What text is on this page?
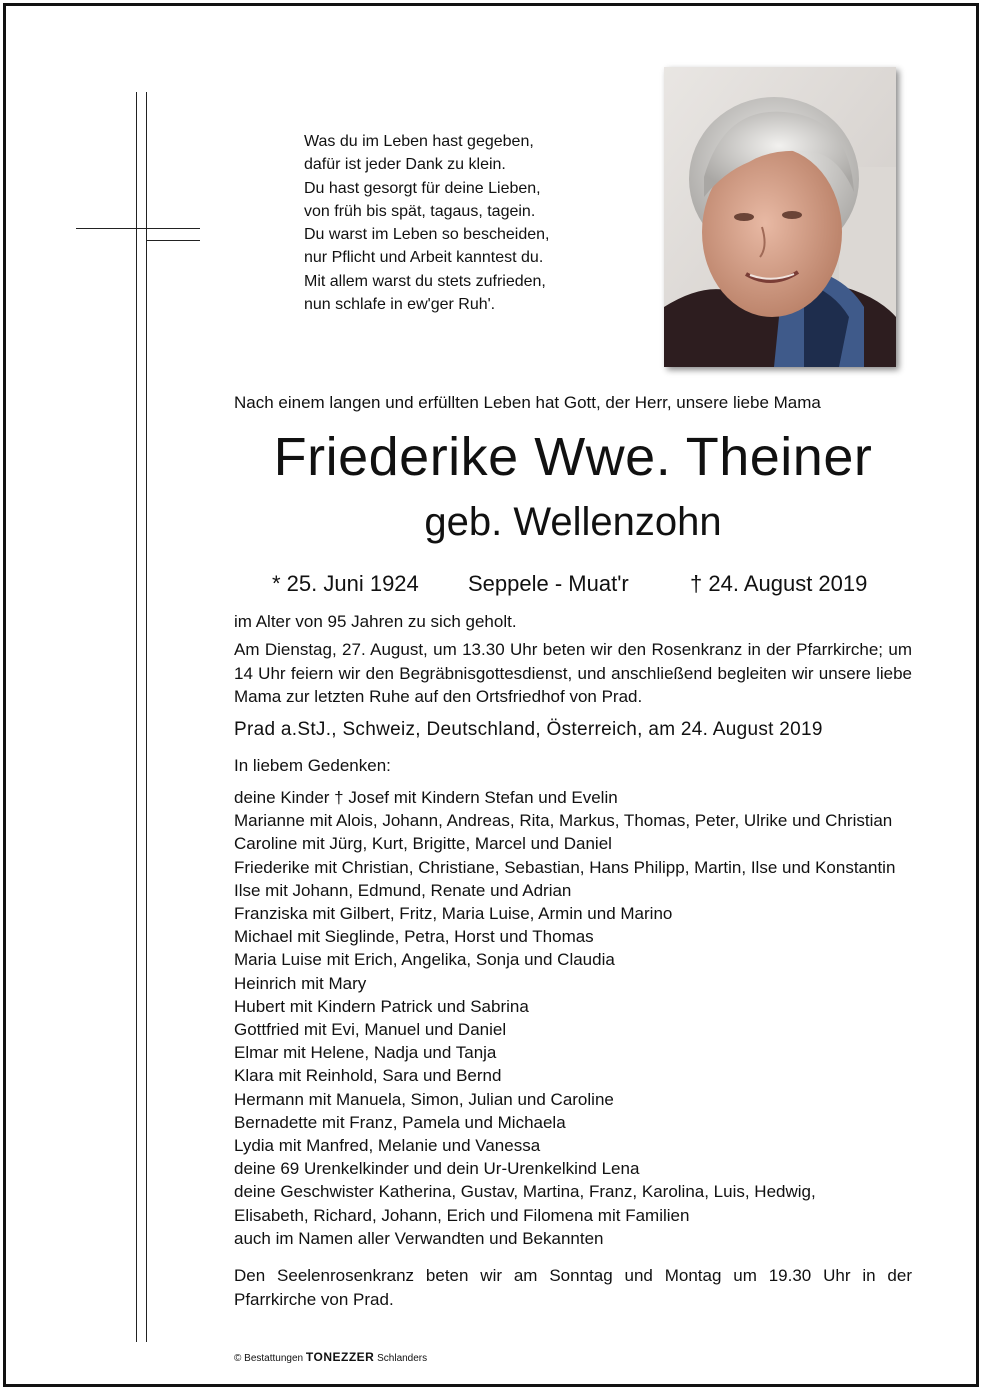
Was du im Leben hast gegeben,
dafür ist jeder Dank zu klein.
Du hast gesorgt für deine Lieben,
von früh bis spät, tagaus, tagein.
Du warst im Leben so bescheiden,
nur Pflicht und Arbeit kanntest du.
Mit allem warst du stets zufrieden,
nun schlafe in ew'ger Ruh'.
Nach einem langen und erfüllten Leben hat Gott, der Herr, unsere liebe Mama
Friederike Wwe. Theiner
geb. Wellenzohn
* 25. Juni 1924 Seppele - Muat'r	† 24. August 2019
im Alter von 95 Jahren zu sich geholt.
Am Dienstag, 27. August, um 13.30 Uhr beten wir den Rosenkranz in der Pfarrkirche; um 14 Uhr feiern wir den Begräbnisgottesdienst, und anschließend begleiten wir unsere liebe Mama zur letzten Ruhe auf den Ortsfriedhof von Prad.
Prad a.StJ., Schweiz, Deutschland, Österreich, am 24. August 2019
In liebem Gedenken:
deine Kinder † Josef mit Kindern Stefan und Evelin
Marianne mit Alois, Johann, Andreas, Rita, Markus, Thomas, Peter, Ulrike und Christian
Caroline mit Jürg, Kurt, Brigitte, Marcel und Daniel
Friederike mit Christian, Christiane, Sebastian, Hans Philipp, Martin, Ilse und Konstantin
Ilse mit Johann, Edmund, Renate und Adrian
Franziska mit Gilbert, Fritz, Maria Luise, Armin und Marino
Michael mit Sieglinde, Petra, Horst und Thomas
Maria Luise mit Erich, Angelika, Sonja und Claudia
Heinrich mit Mary
Hubert mit Kindern Patrick und Sabrina
Gottfried mit Evi, Manuel und Daniel
Elmar mit Helene, Nadja und Tanja
Klara mit Reinhold, Sara und Bernd
Hermann mit Manuela, Simon, Julian und Caroline
Bernadette mit Franz, Pamela und Michaela
Lydia mit Manfred, Melanie und Vanessa
deine 69 Urenkelkinder und dein Ur-Urenkelkind Lena
deine Geschwister Katherina, Gustav, Martina, Franz, Karolina, Luis, Hedwig,
Elisabeth, Richard, Johann, Erich und Filomena mit Familien
auch im Namen aller Verwandten und Bekannten
Den Seelenrosenkranz beten wir am Sonntag und Montag um 19.30 Uhr in der Pfarrkirche von Prad.
© Bestattungen TONEZZER Schlanders
